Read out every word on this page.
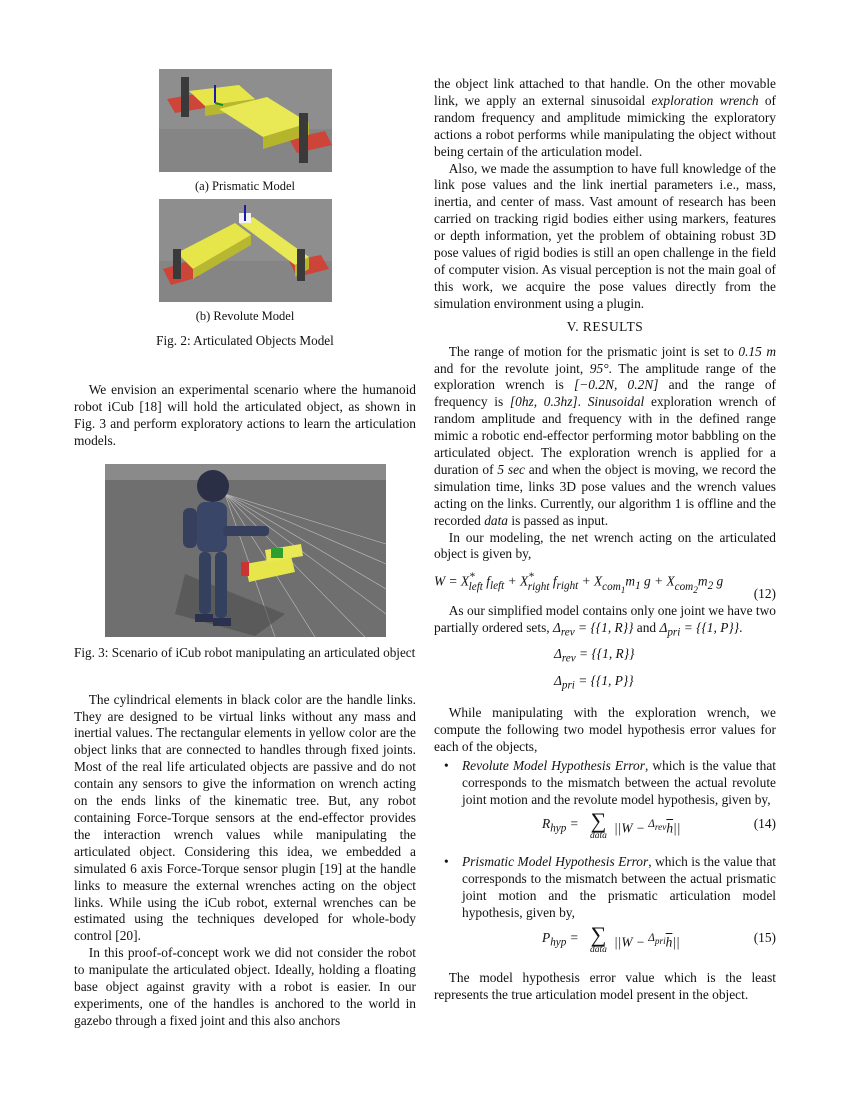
(a) Prismatic Model
(b) Revolute Model

Fig. 2: Articulated Objects Model

We envision an experimental scenario where the humanoid robot iCub [18] will hold the articulated object, as shown in Fig. 3 and perform exploratory actions to learn the articulation models.

Fig. 3: Scenario of iCub robot manipulating an articulated object

The cylindrical elements in black color are the handle links. They are designed to be virtual links without any mass and inertial values. The rectangular elements in yellow color are the object links that are connected to handles through fixed joints. Most of the real life articulated objects are passive and do not contain any sensors to give the information on wrench acting on the ends links of the kinematic tree. But, any robot containing Force-Torque sensors at the end-effector provides the interaction wrench values while manipulating the articulated object. Considering this idea, we embedded a simulated 6 axis Force-Torque sensor plugin [19] at the handle links to measure the external wrenches acting on the object links. While using the iCub robot, external wrenches can be estimated using the techniques developed for whole-body control [20].

In this proof-of-concept work we did not consider the robot to manipulate the articulated object. Ideally, holding a floating base object against gravity with a robot is easier. In our experiments, one of the handles is anchored to the world in gazebo through a fixed joint and this also anchors

the object link attached to that handle. On the other movable link, we apply an external sinusoidal exploration wrench of random frequency and amplitude mimicking the exploratory actions a robot performs while manipulating the object without being certain of the articulation model.

Also, we made the assumption to have full knowledge of the link pose values and the link inertial parameters i.e., mass, inertia, and center of mass. Vast amount of research has been carried on tracking rigid bodies either using markers, features or depth information, yet the problem of obtaining robust 3D pose values of rigid bodies is still an open challenge in the field of computer vision. As visual perception is not the main goal of this work, we acquire the pose values directly from the simulation environment using a plugin.

V. RESULTS

The range of motion for the prismatic joint is set to 0.15 m and for the revolute joint, 95°. The amplitude range of the exploration wrench is [−0.2N, 0.2N] and the range of frequency is [0hz, 0.3hz]. Sinusoidal exploration wrench of random amplitude and frequency with in the defined range mimic a robotic end-effector performing motor babbling on the articulated object. The exploration wrench is applied for a duration of 5 sec and when the object is moving, we record the simulation time, links 3D pose values and the wrench values acting on the links. Currently, our algorithm 1 is offline and the recorded data is passed as input.

In our modeling, the net wrench acting on the articulated object is given by,

$W = X^*_{left}$ $f_{left} + X^*_{right}$ $f_{right} + X_{com_1}m_1$ $g + X_{com_2}m_2$ g
(12)

As our simplified model contains only one joint we have two partially ordered sets, $\Delta_{rev} = \{\{1$, R}} and $\Delta_{pri} = \{\{1$, P}}.

$\Delta_{rev} = \{\{1$, R}}
$\Delta_{pri} = \{\{1$, P}}

While manipulating with the exploration wrench, we compute the following two model hypothesis error values for each of the objects,

• Revolute Model Hypothesis Error, which is the value that corresponds to the mismatch between the actual revolute joint motion and the revolute model hypothesis, given by,
$R_{hyp}$ = ∑
data
$||W - ^{\Delta_{rev}}\overline{h}||$	(14)
• Prismatic Model Hypothesis Error, which is the value that corresponds to the mismatch between the actual prismatic joint motion and the prismatic articulation model hypothesis, given by,
$P_{hyp}$ = ∑
data
$||W - ^{\Delta_{pri}}\overline{h}||$	(15)

The model hypothesis error value which is the least represents the true articulation model present in the object.
